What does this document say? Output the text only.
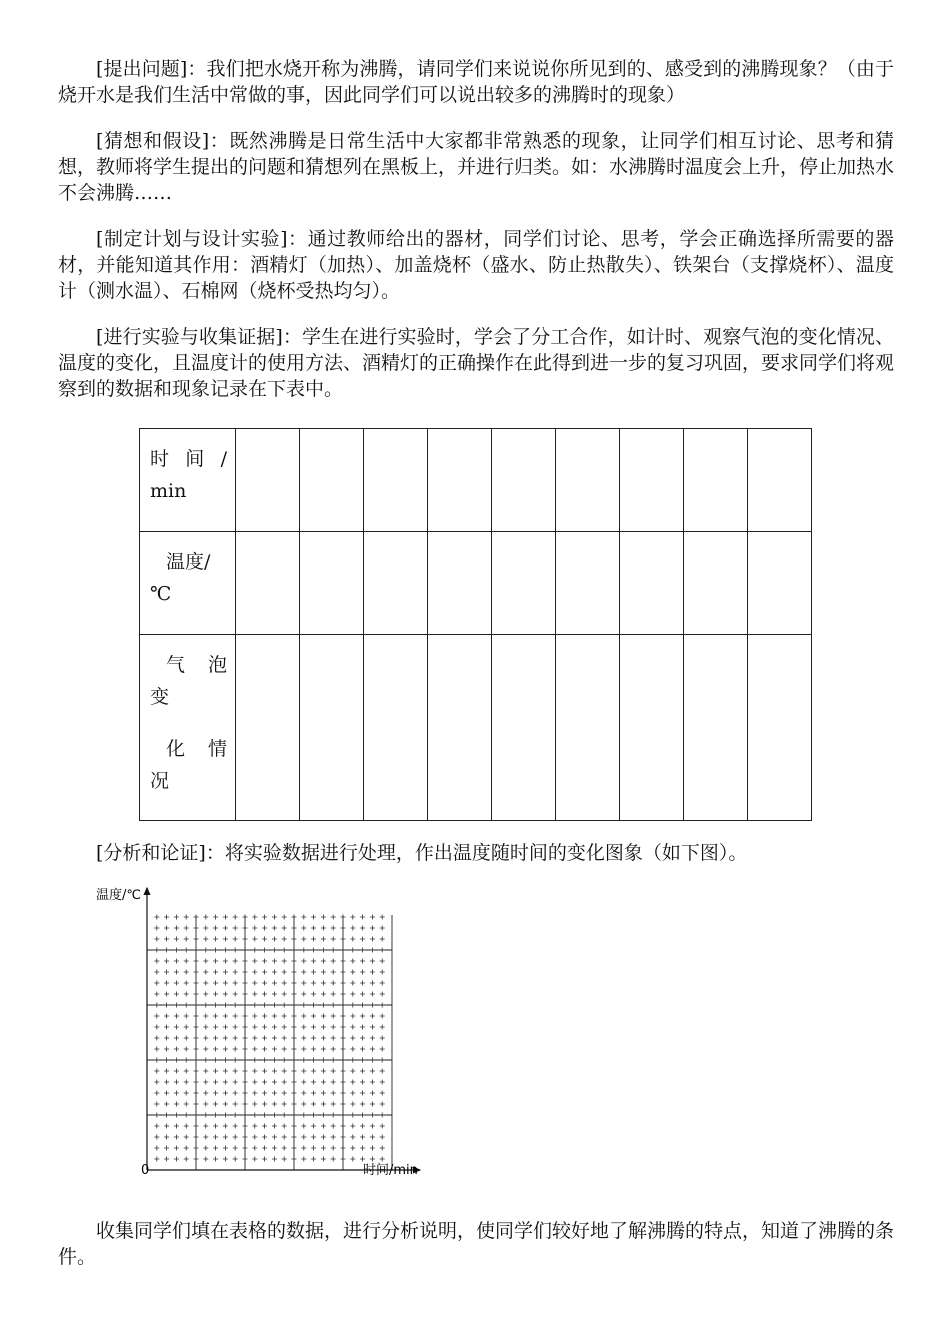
[提出问题]：我们把水烧开称为沸腾，请同学们来说说你所见到的、感受到的沸腾现象？（由于烧开水是我们生活中常做的事，因此同学们可以说出较多的沸腾时的现象）

[猜想和假设]：既然沸腾是日常生活中大家都非常熟悉的现象，让同学们相互讨论、思考和猜想，教师将学生提出的问题和猜想列在黑板上，并进行归类。如：水沸腾时温度会上升，停止加热水不会沸腾……

[制定计划与设计实验]：通过教师给出的器材，同学们讨论、思考，学会正确选择所需要的器材，并能知道其作用：酒精灯（加热）、加盖烧杯（盛水、防止热散失）、铁架台（支撑烧杯）、温度计（测水温）、石棉网（烧杯受热均匀）。

[进行实验与收集证据]：学生在进行实验时，学会了分工合作，如计时、观察气泡的变化情况、温度的变化，且温度计的使用方法、酒精灯的正确操作在此得到进一步的复习巩固，要求同学们将观察到的数据和现象记录在下表中。

时 间 /
min									

温度/
℃									

气 泡
变
化 情
况									

[分析和论证]：将实验数据进行处理，作出温度随时间的变化图象（如下图）。
温度/℃
0	时间/min

收集同学们填在表格的数据，进行分析说明，使同学们较好地了解沸腾的特点，知道了沸腾的条件。
